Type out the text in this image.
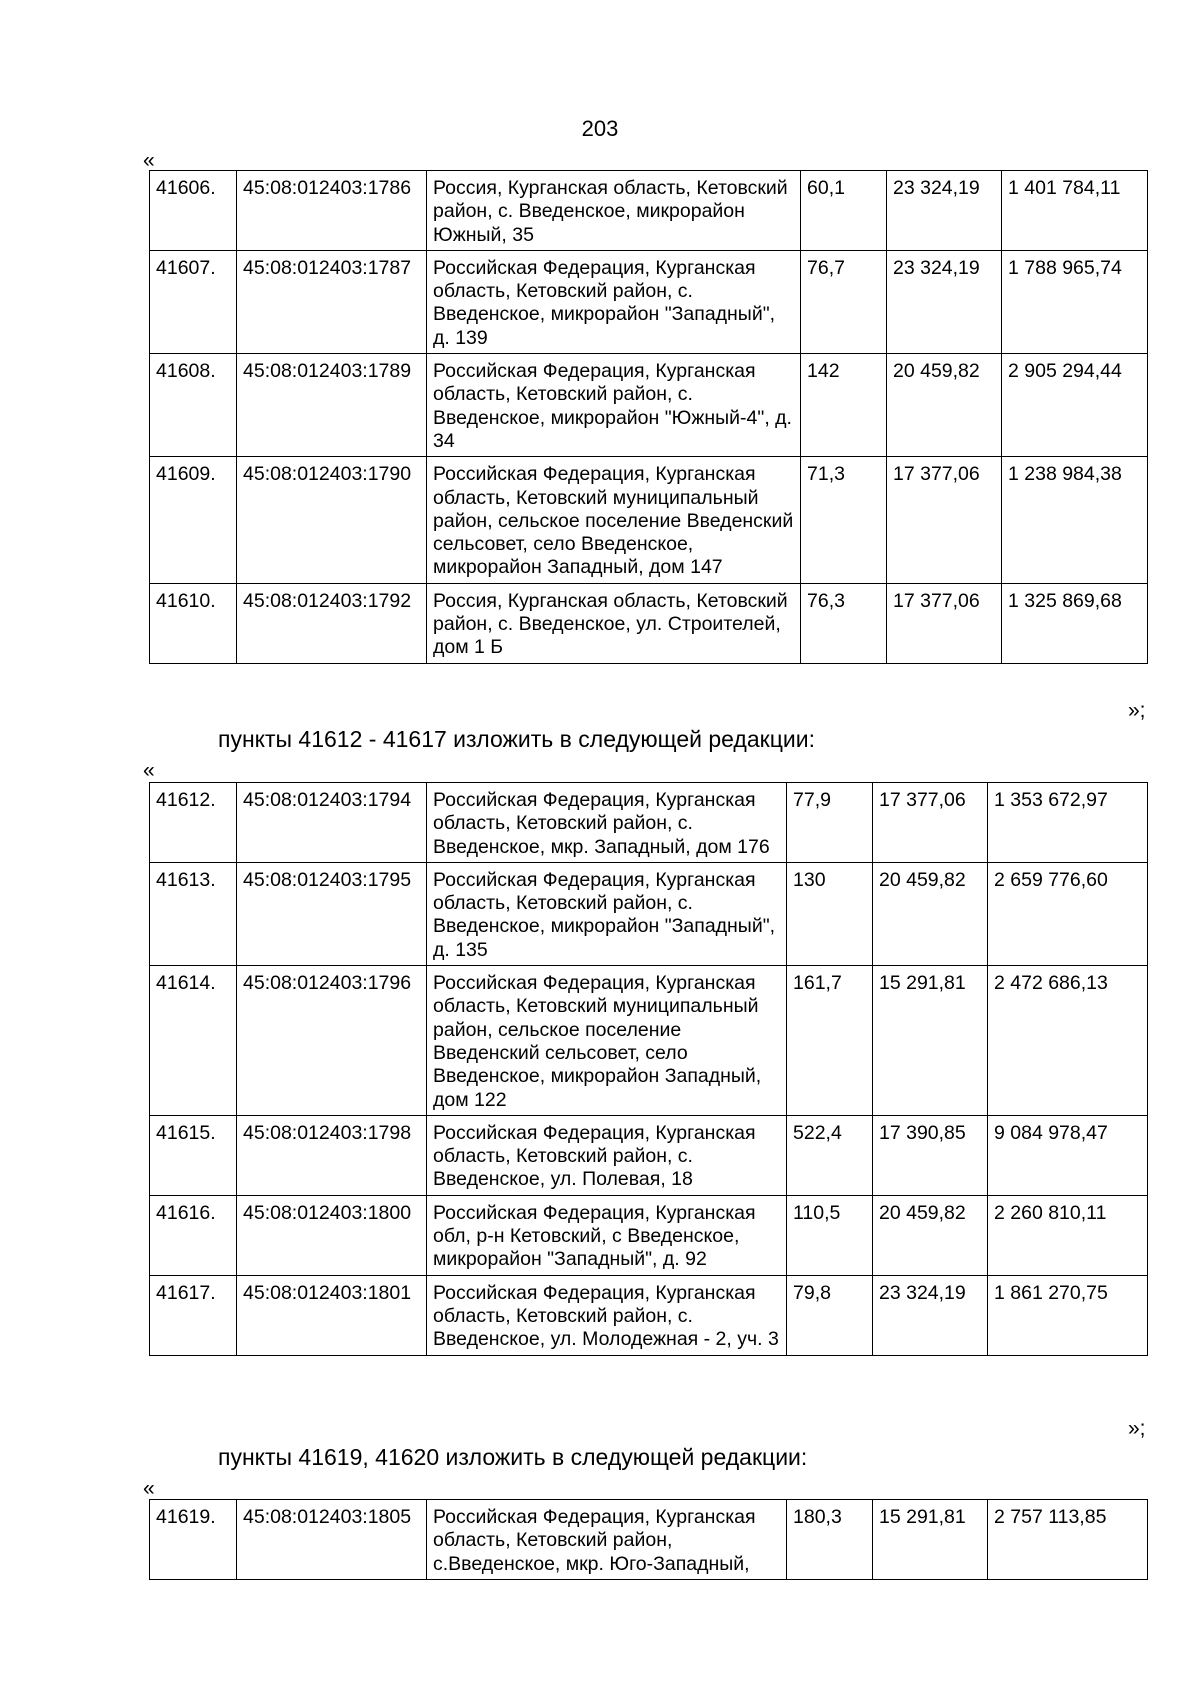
203
«
41606.	45:08:012403:1786	Россия, Курганская область, Кетовский район, с. Введенское, микрорайон Южный, 35	60,1	23 324,19	1 401 784,11
41607.	45:08:012403:1787	Российская Федерация, Курганская область, Кетовский район, с. Введенское, микрорайон "Западный", д. 139	76,7	23 324,19	1 788 965,74
41608.	45:08:012403:1789	Российская Федерация, Курганская область, Кетовский район, с. Введенское, микрорайон "Южный-4", д. 34	142	20 459,82	2 905 294,44
41609.	45:08:012403:1790	Российская Федерация, Курганская область, Кетовский муниципальный район, сельское поселение Введенский сельсовет, село Введенское, микрорайон Западный, дом 147	71,3	17 377,06	1 238 984,38
41610.	45:08:012403:1792	Россия, Курганская область, Кетовский район, с. Введенское, ул. Строителей, дом 1 Б	76,3	17 377,06	1 325 869,68
»;
пункты 41612 - 41617 изложить в следующей редакции:
«
41612.	45:08:012403:1794	Российская Федерация, Курганская область, Кетовский район, с. Введенское, мкр. Западный, дом 176	77,9	17 377,06	1 353 672,97
41613.	45:08:012403:1795	Российская Федерация, Курганская область, Кетовский район, с. Введенское, микрорайон "Западный", д. 135	130	20 459,82	2 659 776,60
41614.	45:08:012403:1796	Российская Федерация, Курганская область, Кетовский муниципальный район, сельское поселение Введенский сельсовет, село Введенское, микрорайон Западный, дом 122	161,7	15 291,81	2 472 686,13
41615.	45:08:012403:1798	Российская Федерация, Курганская область, Кетовский район, с. Введенское, ул. Полевая, 18	522,4	17 390,85	9 084 978,47
41616.	45:08:012403:1800	Российская Федерация, Курганская обл, р-н Кетовский, с Введенское, микрорайон "Западный", д. 92	110,5	20 459,82	2 260 810,11
41617.	45:08:012403:1801	Российская Федерация, Курганская область, Кетовский район, с. Введенское, ул. Молодежная - 2, уч. 3	79,8	23 324,19	1 861 270,75
»;
пункты 41619, 41620 изложить в следующей редакции:
«
41619.	45:08:012403:1805	Российская Федерация, Курганская область, Кетовский район, с.Введенское, мкр. Юго-Западный,	180,3	15 291,81	2 757 113,85
